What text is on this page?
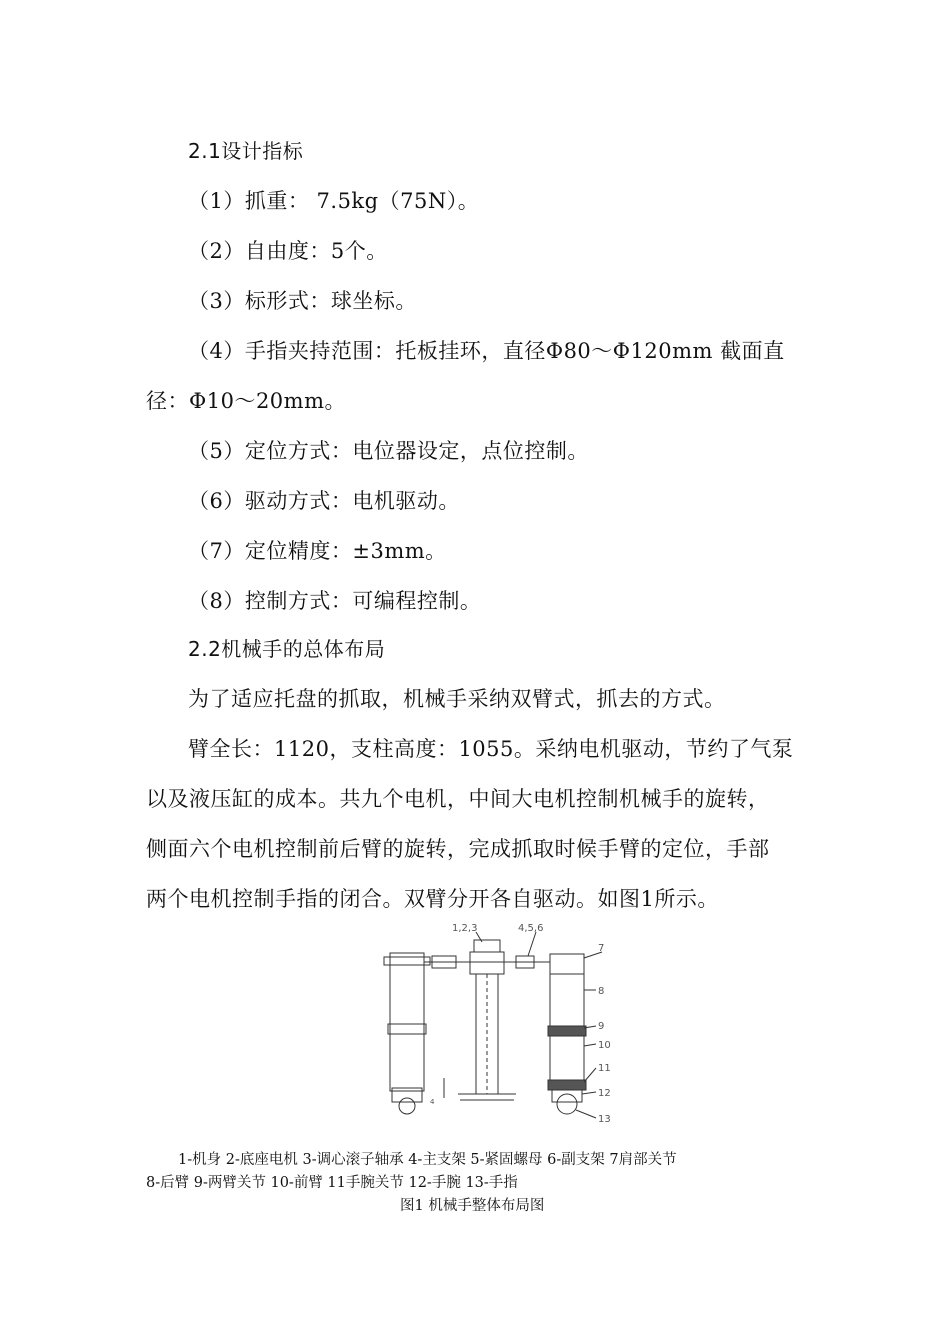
2.1设计指标
（1）抓重： 7.5kg（75N）。
（2）自由度：5个。
（3）标形式：球坐标。
（4）手指夹持范围：托板挂环，直径Φ80～Φ120mm 截面直
径：Φ10～20mm。
（5）定位方式：电位器设定，点位控制。
（6）驱动方式：电机驱动。
（7）定位精度：±3mm。
（8）控制方式：可编程控制。
2.2机械手的总体布局
为了适应托盘的抓取，机械手采纳双臂式，抓去的方式。
臂全长：1120，支柱高度：1055。采纳电机驱动，节约了气泵
以及液压缸的成本。共九个电机，中间大电机控制机械手的旋转，
侧面六个电机控制前后臂的旋转，完成抓取时候手臂的定位，手部
两个电机控制手指的闭合。双臂分开各自驱动。如图1所示。
1,2,3	4,5,6
7
8
9
10
11
12
13
4
1-机身 2-底座电机 3-调心滚子轴承 4-主支架 5-紧固螺母 6-副支架 7肩部关节
8-后臂 9-两臂关节 10-前臂 11手腕关节 12-手腕 13-手指
图1 机械手整体布局图
